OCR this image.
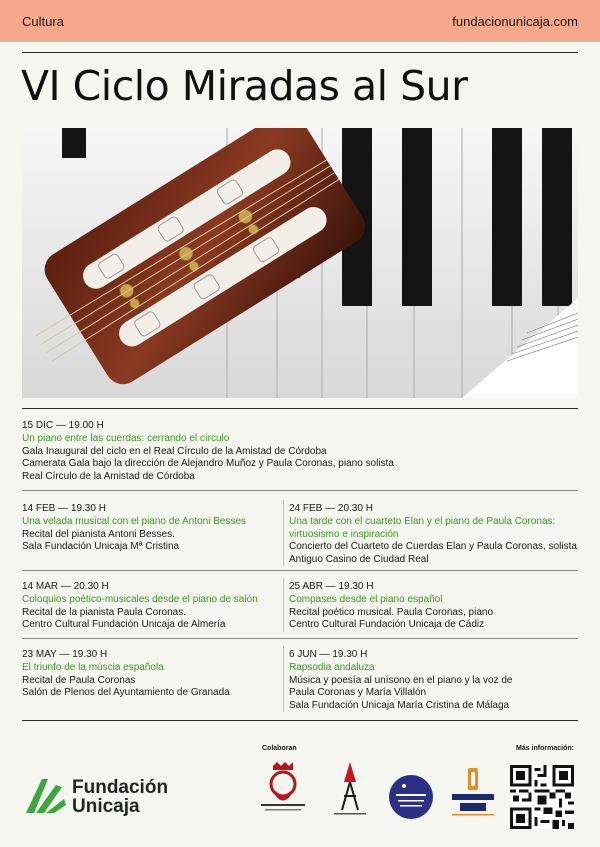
Cultura	fundacionunicaja.com
VI Ciclo Miradas al Sur
15 DIC — 19.00 H
Un piano entre las cuerdas: cerrando el círculo
Gala Inaugural del ciclo en el Real Círculo de la Amistad de Córdoba
Camerata Gala bajo la dirección de Alejandro Muñoz y Paula Coronas, piano solista
Real Círculo de la Amistad de Córdoba
14 FEB — 19.30 H
Una velada musical con el piano de Antoni Besses
Recital del pianista Antoni Besses.
Sala Fundación Unicaja Mª Cristina
24 FEB — 20.30 H
Una tarde con el cuarteto Elan y el piano de Paula Coronas:
virtuosismo e inspiración
Concierto del Cuarteto de Cuerdas Elan y Paula Coronas, solista
Antiguo Casino de Ciudad Real
14 MAR — 20.30 H
Coloquios poético-musicales desde el piano de salón
Recital de la pianista Paula Coronas.
Centro Cultural Fundación Unicaja de Almería
25 ABR — 19.30 H
Compases desde el piano español
Recital poético musical. Paula Coronas, piano
Centro Cultural Fundación Unicaja de Cádiz
23 MAY — 19.30 H
El triunfo de la múscia española
Recital de Paula Coronas
Salón de Plenos del Ayuntamiento de Granada
6 JUN — 19.30 H
Rapsodia andaluza
Música y poesía al unísono en el piano y la voz de
Paula Coronas y María Villalón
Sala Fundación Unicaja María Cristina de Málaga
Fundación
Unicaja
Colaboran	Más información:
